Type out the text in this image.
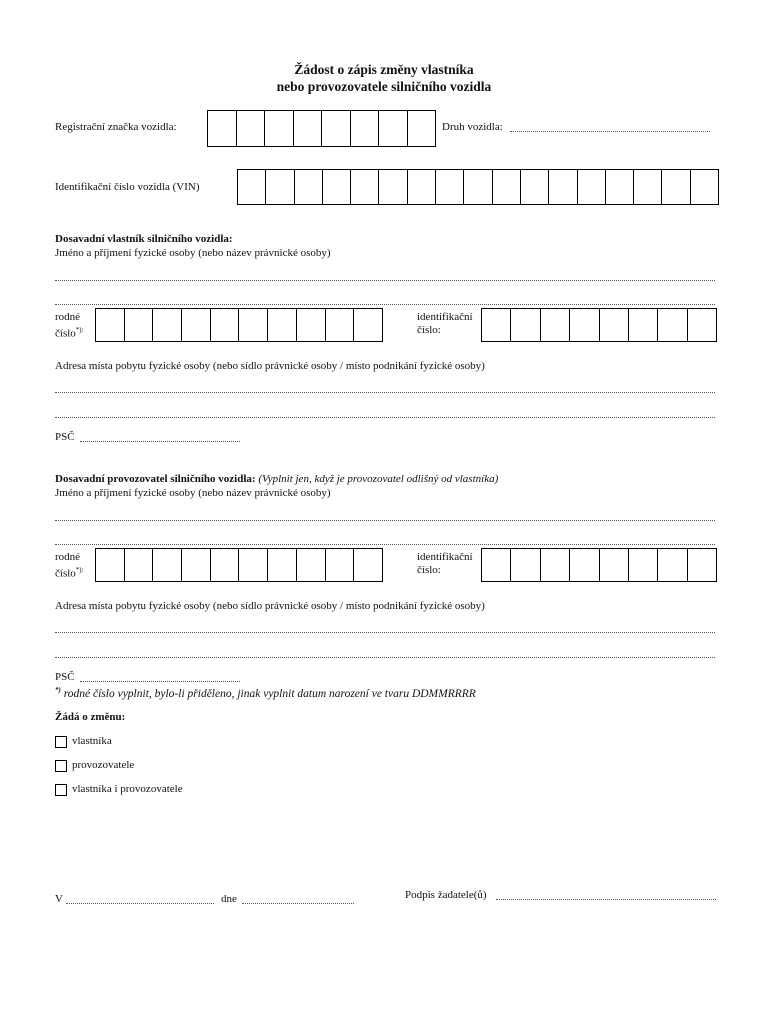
Žádost o zápis změny vlastníka
nebo provozovatele silničního vozidla
Registrační značka vozidla:	Druh vozidla:
Identifikační číslo vozidla (VIN)
Dosavadní vlastník silničního vozidla:
Jméno a příjmení fyzické osoby (nebo název právnické osoby)
rodné
číslo*):
identifikační
číslo:
Adresa místa pobytu fyzické osoby (nebo sídlo právnické osoby / místo podnikání fyzické osoby)
PSČ
Dosavadní provozovatel silničního vozidla: (Vyplnit jen, když je provozovatel odlišný od vlastníka)
Jméno a příjmení fyzické osoby (nebo název právnické osoby)
rodné
číslo*):
identifikační
číslo:
Adresa místa pobytu fyzické osoby (nebo sídlo právnické osoby / místo podnikání fyzické osoby)
PSČ
*) rodné číslo vyplnit, bylo-li přiděleno, jinak vyplnit datum narození ve tvaru DDMMRRRR
Žádá o změnu:
vlastníka
provozovatele
vlastníka i provozovatele
V	dne	Podpis žadatele(ů)
